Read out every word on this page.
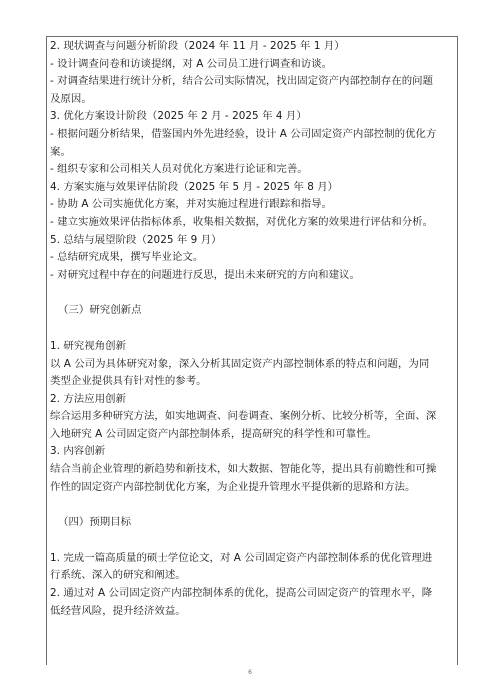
2. 现状调查与问题分析阶段（2024 年 11 月 - 2025 年 1 月）
- 设计调查问卷和访谈提纲，对 A 公司员工进行调查和访谈。
- 对调查结果进行统计分析，结合公司实际情况，找出固定资产内部控制存在的问题
及原因。
3. 优化方案设计阶段（2025 年 2 月 - 2025 年 4 月）
- 根据问题分析结果，借鉴国内外先进经验，设计 A 公司固定资产内部控制的优化方
案。
- 组织专家和公司相关人员对优化方案进行论证和完善。
4. 方案实施与效果评估阶段（2025 年 5 月 - 2025 年 8 月）
- 协助 A 公司实施优化方案，并对实施过程进行跟踪和指导。
- 建立实施效果评估指标体系，收集相关数据，对优化方案的效果进行评估和分析。
5. 总结与展望阶段（2025 年 9 月）
- 总结研究成果，撰写毕业论文。
- 对研究过程中存在的问题进行反思，提出未来研究的方向和建议。
（三）研究创新点
1. 研究视角创新
以 A 公司为具体研究对象，深入分析其固定资产内部控制体系的特点和问题，为同
类型企业提供具有针对性的参考。
2. 方法应用创新
综合运用多种研究方法，如实地调查、问卷调查、案例分析、比较分析等，全面、深
入地研究 A 公司固定资产内部控制体系，提高研究的科学性和可靠性。
3. 内容创新
结合当前企业管理的新趋势和新技术，如大数据、智能化等，提出具有前瞻性和可操
作性的固定资产内部控制优化方案，为企业提升管理水平提供新的思路和方法。
（四）预期目标
1. 完成一篇高质量的硕士学位论文，对 A 公司固定资产内部控制体系的优化管理进
行系统、深入的研究和阐述。
2. 通过对 A 公司固定资产内部控制体系的优化，提高公司固定资产的管理水平，降
低经营风险，提升经济效益。
6
